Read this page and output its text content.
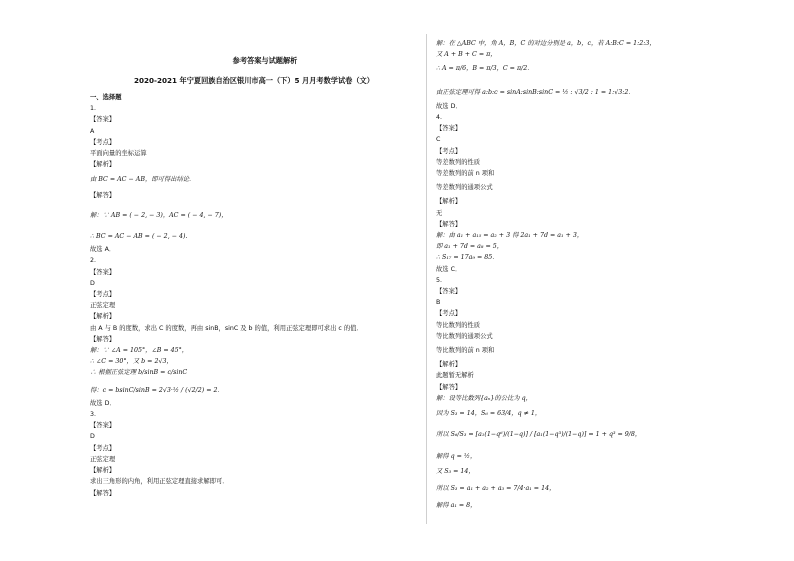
参考答案与试题解析
2020-2021 年宁夏回族自治区银川市高一（下）5 月月考数学试卷（文）
一、选择题
1.
【答案】
A
【考点】
平面向量的坐标运算
【解析】
由 BC = AC − AB，即可得出结论．
【解答】
解：∵ AB = ( − 2, − 3)，AC = ( − 4, − 7)，
∴ BC = AC − AB = ( − 2, − 4).
故选 A．
2.
【答案】
D
【考点】
正弦定理
【解析】
由 A 与 B 的度数，求出 C 的度数，再由 sinB，sinC 及 b 的值，利用正弦定理即可求出 c 的值．
【解答】
解：∵ ∠A = 105°，∠B = 45°，
∴ ∠C = 30°，又 b = 2√3，
∴ 根据正弦定理 b/sinB = c/sinC
得：c = bsinC/sinB = 2√3·½ / (√2/2) = 2．
故选 D．
3.
【答案】
D
【考点】
正弦定理
【解析】
求出三角形的内角，利用正弦定理直接求解即可．
【解答】
解：在 △ABC 中，角 A，B，C 的对边分别是 a，b，c，若 A:B:C = 1:2:3，
又 A + B + C = π，
∴ A = π/6，B = π/3，C = π/2．
由正弦定理可得 a:b:c = sinA:sinB:sinC = ½ : √3/2 : 1 = 1:√3:2．
故选 D．
4.
【答案】
C
【考点】
等差数列的性质
等差数列的前 n 项和
等差数列的通项公式
【解析】
无
【解答】
解：由 a₁ + a₁₅ = a₂ + 3 得 2a₁ + 7d = a₁ + 3，
即 a₁ + 7d = a₈ = 5，
∴ S₁₇ = 17a₉ = 85．
故选 C．
5.
【答案】
B
【考点】
等比数列的性质
等比数列的通项公式
等比数列的前 n 项和
【解析】
此题暂无解析
【解答】
解：设等比数列{aₙ}的公比为 q，
因为 S₃ = 14，S₆ = 63/4，q ≠ 1，
所以 S₆/S₃ = [a₁(1−q⁶)/(1−q)] / [a₁(1−q³)/(1−q)] = 1 + q³ = 9/8，
解得 q = ½，
又 S₃ = 14，
所以 S₃ = a₁ + a₂ + a₃ = 7/4·a₁ = 14，
解得 a₁ = 8，
